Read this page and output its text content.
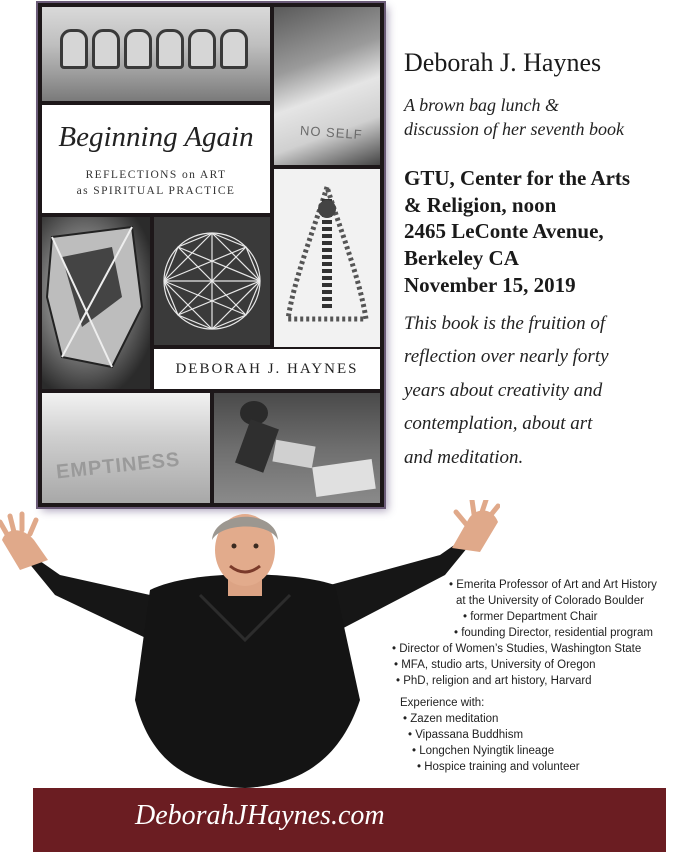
NO SELF
Beginning Again
REFLECTIONS on ART
as SPIRITUAL PRACTICE
DEBORAH J. HAYNES
EMPTINESS
Deborah J. Haynes
A brown bag lunch &
discussion of her seventh book
GTU, Center for the Arts
& Religion, noon
2465 LeConte Avenue,
Berkeley CA
November 15, 2019
This book is the fruition of
reflection over nearly forty
years about creativity and
contemplation, about art
and meditation.
• Emerita Professor of Art and Art History
at the University of Colorado Boulder
• former Department Chair
• founding Director, residential program
• Director of Women’s Studies, Washington State
• MFA, studio arts, University of Oregon
• PhD, religion and art history, Harvard
Experience with:
• Zazen meditation
• Vipassana Buddhism
• Longchen Nyingtik lineage
• Hospice training and volunteer
DeborahJHaynes.com
